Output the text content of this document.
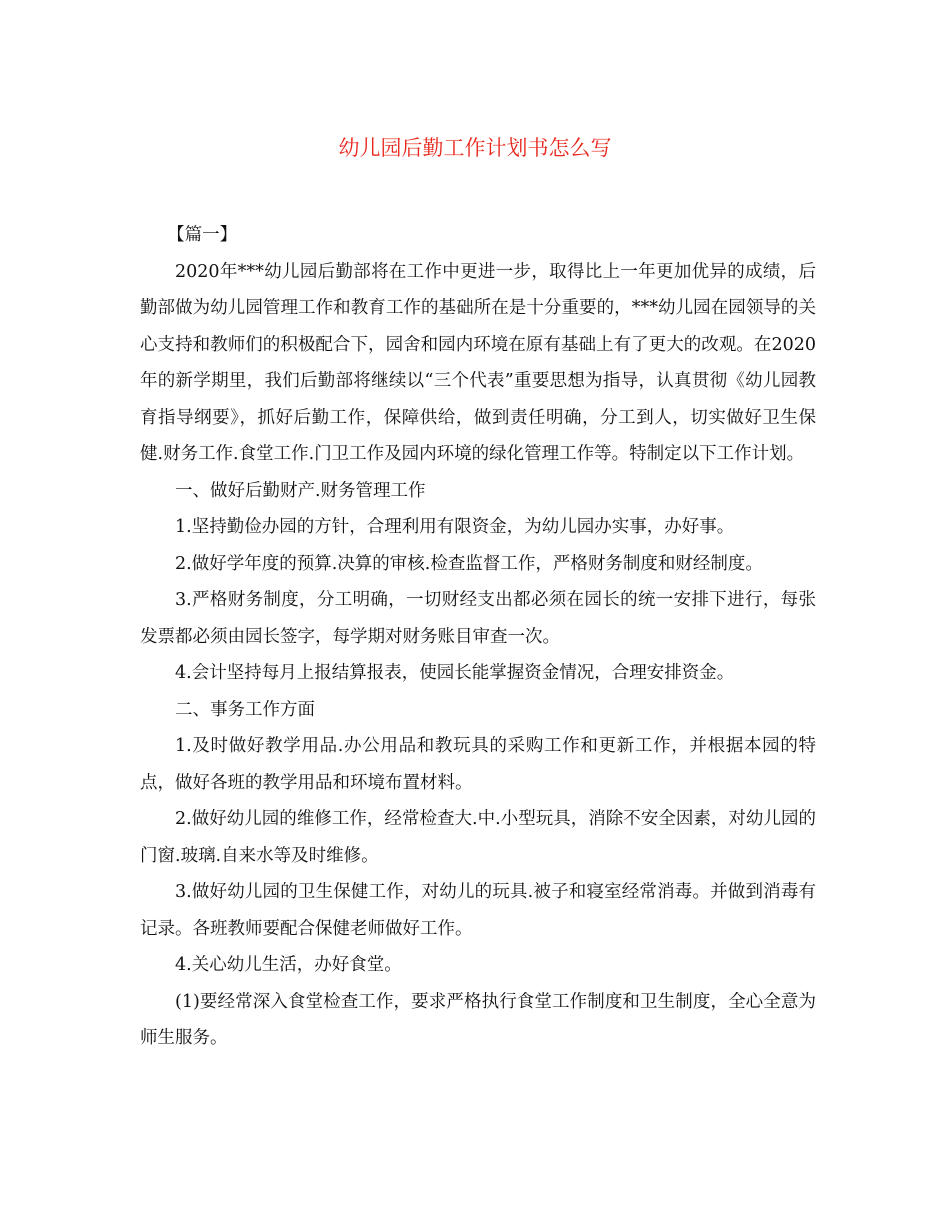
幼儿园后勤工作计划书怎么写

【篇一】

2020年***幼儿园后勤部将在工作中更进一步，取得比上一年更加优异的成绩，后勤部做为幼儿园管理工作和教育工作的基础所在是十分重要的，***幼儿园在园领导的关心支持和教师们的积极配合下，园舍和园内环境在原有基础上有了更大的改观。在2020年的新学期里，我们后勤部将继续以“三个代表”重要思想为指导，认真贯彻《幼儿园教育指导纲要》，抓好后勤工作，保障供给，做到责任明确，分工到人，切实做好卫生保健.财务工作.食堂工作.门卫工作及园内环境的绿化管理工作等。特制定以下工作计划。

一、做好后勤财产.财务管理工作

1.坚持勤俭办园的方针，合理利用有限资金，为幼儿园办实事，办好事。

2.做好学年度的预算.决算的审核.检查监督工作，严格财务制度和财经制度。

3.严格财务制度，分工明确，一切财经支出都必须在园长的统一安排下进行，每张发票都必须由园长签字，每学期对财务账目审查一次。

4.会计坚持每月上报结算报表，使园长能掌握资金情况，合理安排资金。

二、事务工作方面

1.及时做好教学用品.办公用品和教玩具的采购工作和更新工作，并根据本园的特点，做好各班的教学用品和环境布置材料。

2.做好幼儿园的维修工作，经常检查大.中.小型玩具，消除不安全因素，对幼儿园的门窗.玻璃.自来水等及时维修。

3.做好幼儿园的卫生保健工作，对幼儿的玩具.被子和寝室经常消毒。并做到消毒有记录。各班教师要配合保健老师做好工作。

4.关心幼儿生活，办好食堂。

(1)要经常深入食堂检查工作，要求严格执行食堂工作制度和卫生制度，全心全意为师生服务。
